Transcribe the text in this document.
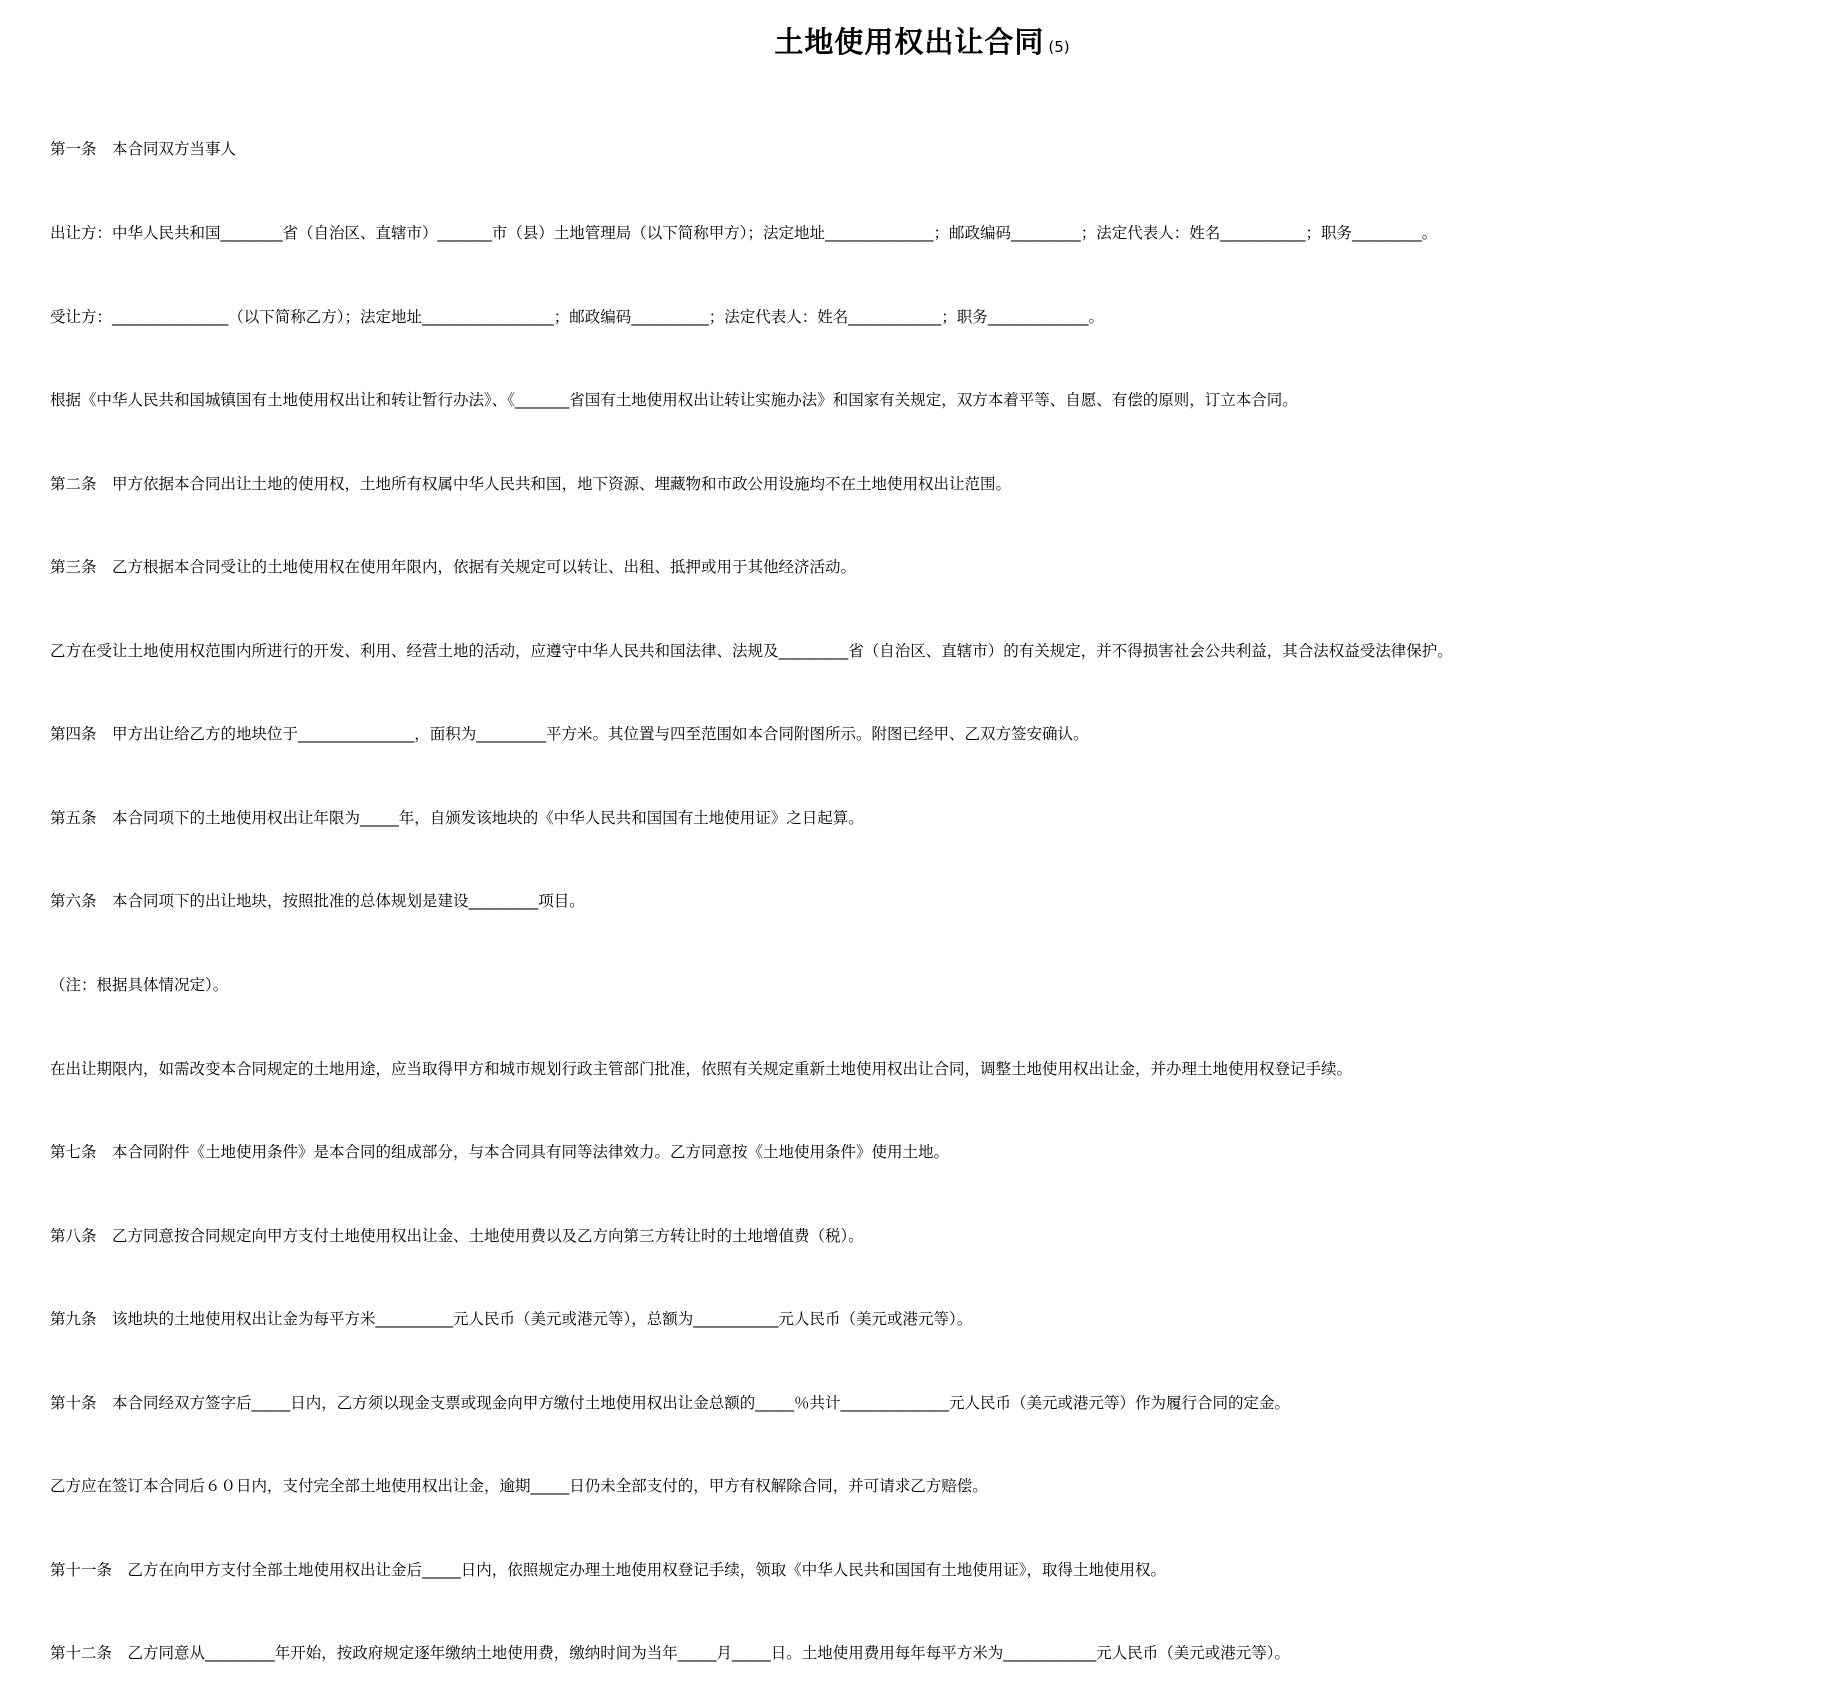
土地使用权出让合同 (5)
第一条　本合同双方当事人
出让方：中华人民共和国________省（自治区、直辖市）_______市（县）土地管理局（以下简称甲方）；法定地址______________；邮政编码_________；法定代表人：姓名___________；职务_________。
受让方：_______________（以下简称乙方）；法定地址_________________；邮政编码__________；法定代表人：姓名____________；职务_____________。
根据《中华人民共和国城镇国有土地使用权出让和转让暂行办法》、《_______省国有土地使用权出让转让实施办法》和国家有关规定，双方本着平等、自愿、有偿的原则，订立本合同。
第二条　甲方依据本合同出让土地的使用权，土地所有权属中华人民共和国，地下资源、埋藏物和市政公用设施均不在土地使用权出让范围。
第三条　乙方根据本合同受让的土地使用权在使用年限内，依据有关规定可以转让、出租、抵押或用于其他经济活动。
乙方在受让土地使用权范围内所进行的开发、利用、经营土地的活动，应遵守中华人民共和国法律、法规及_________省（自治区、直辖市）的有关规定，并不得损害社会公共利益，其合法权益受法律保护。
第四条　甲方出让给乙方的地块位于_______________，面积为_________平方米。其位置与四至范围如本合同附图所示。附图已经甲、乙双方签安确认。
第五条　本合同项下的土地使用权出让年限为_____年，自颁发该地块的《中华人民共和国国有土地使用证》之日起算。
第六条　本合同项下的出让地块，按照批准的总体规划是建设_________项目。
（注：根据具体情况定）。
在出让期限内，如需改变本合同规定的土地用途，应当取得甲方和城市规划行政主管部门批准，依照有关规定重新土地使用权出让合同，调整土地使用权出让金，并办理土地使用权登记手续。
第七条　本合同附件《土地使用条件》是本合同的组成部分，与本合同具有同等法律效力。乙方同意按《土地使用条件》使用土地。
第八条　乙方同意按合同规定向甲方支付土地使用权出让金、土地使用费以及乙方向第三方转让时的土地增值费（税）。
第九条　该地块的土地使用权出让金为每平方米__________元人民币（美元或港元等），总额为___________元人民币（美元或港元等）。
第十条　本合同经双方签字后_____日内，乙方须以现金支票或现金向甲方缴付土地使用权出让金总额的_____％共计______________元人民币（美元或港元等）作为履行合同的定金。
乙方应在签订本合同后６０日内，支付完全部土地使用权出让金，逾期_____日仍未全部支付的，甲方有权解除合同，并可请求乙方赔偿。
第十一条　乙方在向甲方支付全部土地使用权出让金后_____日内，依照规定办理土地使用权登记手续，领取《中华人民共和国国有土地使用证》，取得土地使用权。
第十二条　乙方同意从_________年开始，按政府规定逐年缴纳土地使用费，缴纳时间为当年_____月_____日。土地使用费用每年每平方米为____________元人民币（美元或港元等）。
